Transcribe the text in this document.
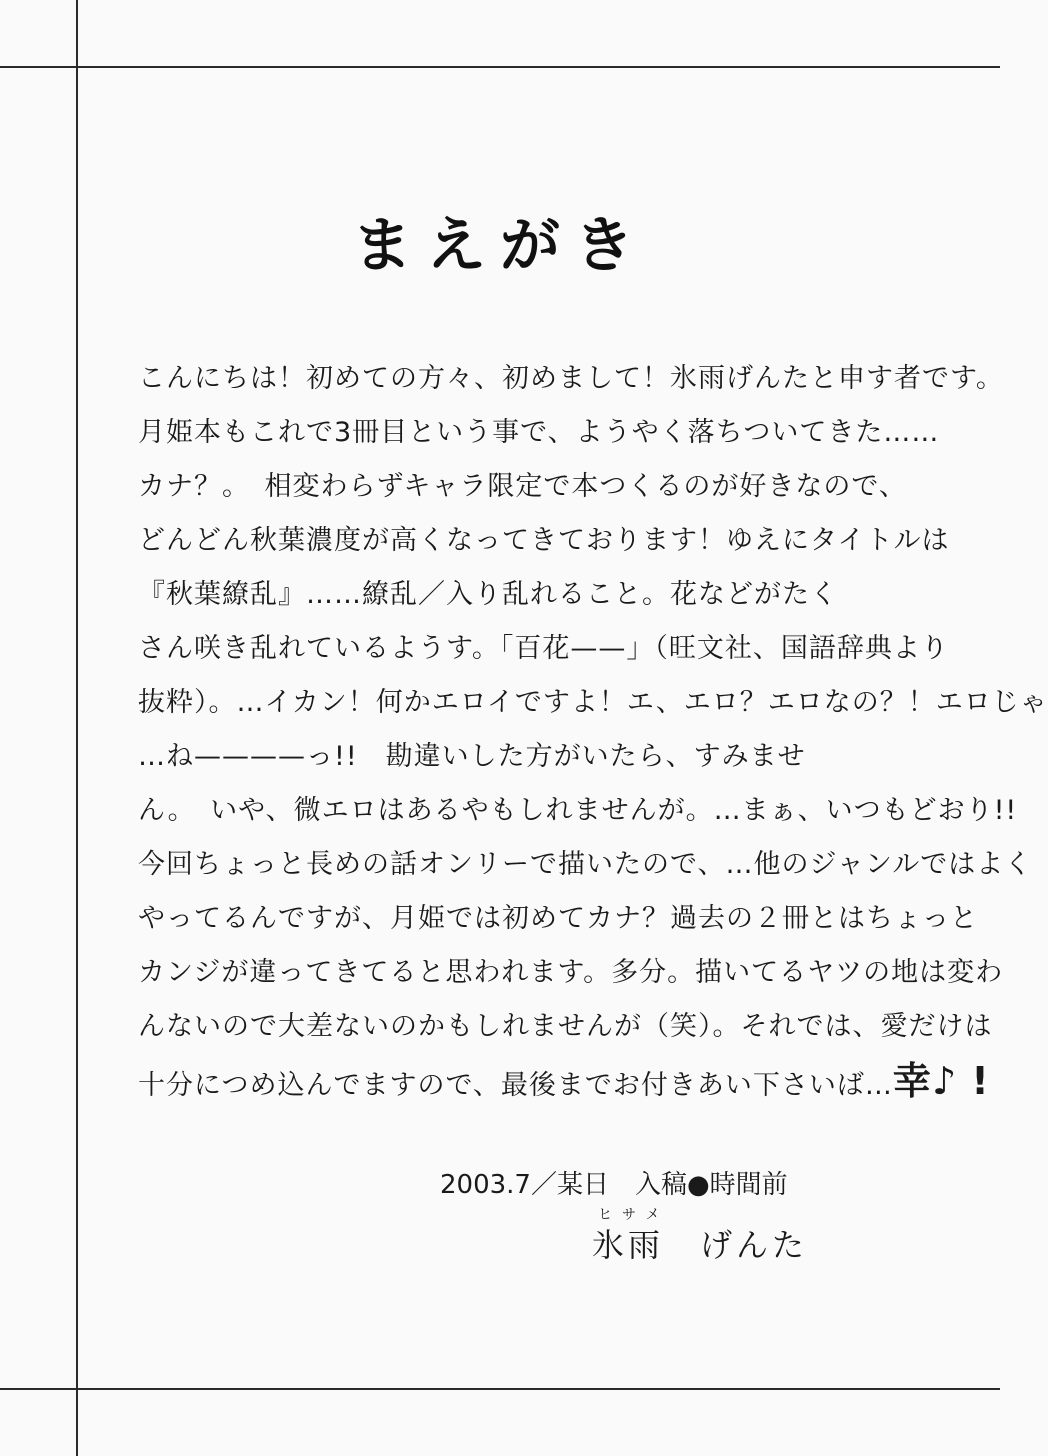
まえがき
こんにちは！初めての方々、初めまして！氷雨げんたと申す者です。
月姫本もこれで3冊目という事で、ようやく落ちついてきた……
カナ？。　相変わらずキャラ限定で本つくるのが好きなので、
どんどん秋葉濃度が高くなってきております！ゆえにタイトルは
『秋葉繚乱』……繚乱／入り乱れること。花などがたく
さん咲き乱れているようす。「百花——」（旺文社、国語辞典より
抜粋）。…イカン！何かエロイですよ！エ、エロ？エロなの？！エロじゃ
…ね————っ!!　勘違いした方がいたら、すみませ
ん。　いや、微エロはあるやもしれませんが。…まぁ、いつもどおり!!
今回ちょっと長めの話オンリーで描いたので、…他のジャンルではよく
やってるんですが、月姫では初めてカナ？過去の２冊とはちょっと
カンジが違ってきてると思われます。多分。描いてるヤツの地は変わ
んないので大差ないのかもしれませんが（笑）。それでは、愛だけは
十分につめ込んでますので、最後までお付きあい下さいば…幸♪ !
2003.7／某日　入稿●時間前
ヒサメ
氷雨　げんた
